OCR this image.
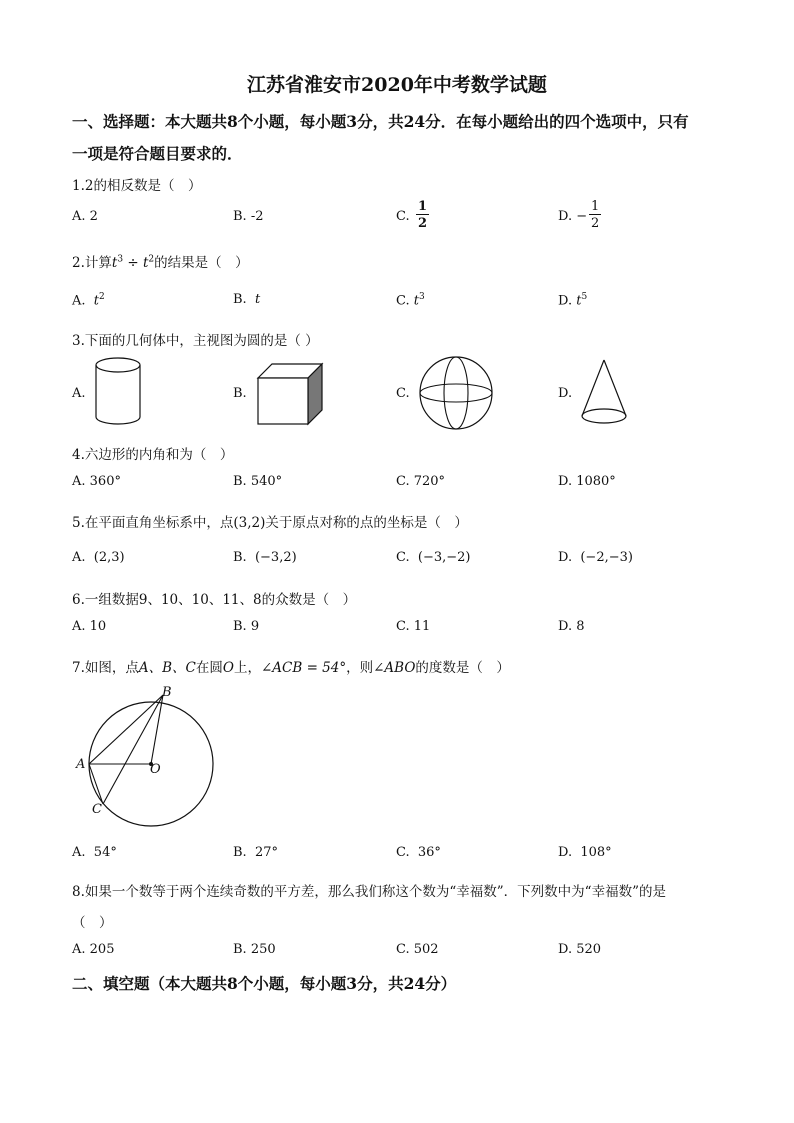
江苏省淮安市2020年中考数学试题
一、选择题：本大题共8个小题，每小题3分，共24分．在每小题给出的四个选项中，只有
一项是符合题目要求的．
1.2的相反数是（　）
A. 2	B. -2	C. $\frac{1}{2}$	D. − $\frac{1}{2}$
2.计算$t^3 \div t^2$的结果是（　）
A. $t^2$	B. t	C. $t^3$	D. $t^5$
3.下面的几何体中，主视图为圆的是（ ）
A.	B.	C.	D.
4.六边形的内角和为（　）
A. 360°	B. 540°	C. 720°	D. 1080°
5.在平面直角坐标系中，点(3,2)关于原点对称的点的坐标是（　）
A. (2,3)	B. (−3,2)	C. (−3,−2)	D. (−2,−3)
6.一组数据9、10、10、11、8的众数是（　）
A. 10	B. 9	C. 11	D. 8
7.如图，点A、B、C在圆O上，∠ACB = 54°，则∠ABO的度数是（　）
B
A	O
C
A. 54°	B. 27°	C. 36°	D. 108°
8.如果一个数等于两个连续奇数的平方差，那么我们称这个数为“幸福数”．下列数中为“幸福数”的是
（　）
A. 205	B. 250	C. 502	D. 520
二、填空题（本大题共8个小题，每小题3分，共24分）
